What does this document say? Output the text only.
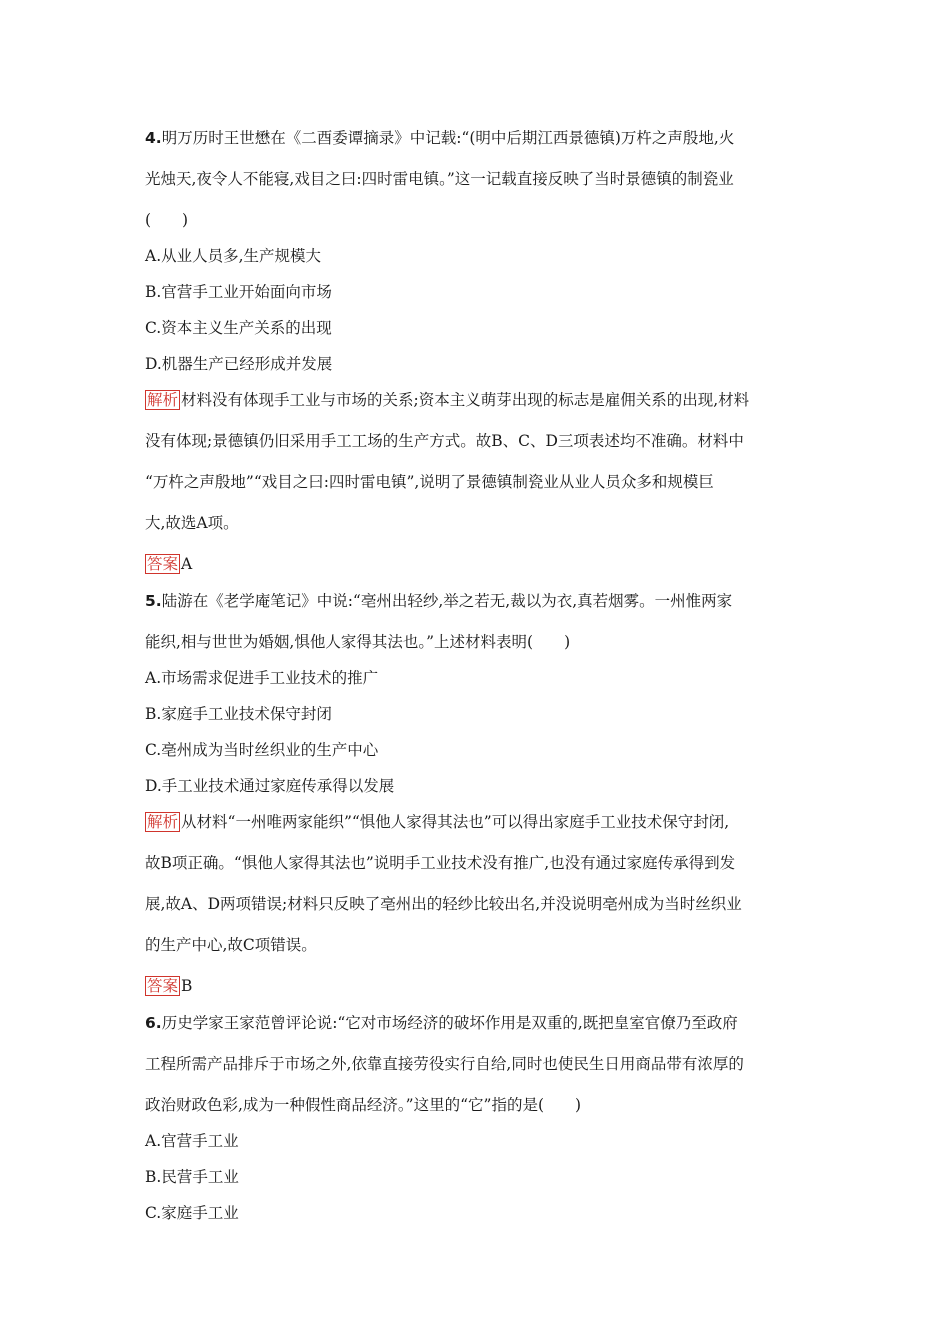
4.明万历时王世懋在《二酉委谭摘录》中记载:“(明中后期江西景德镇)万杵之声殷地,火
光烛天,夜令人不能寝,戏目之曰:四时雷电镇。”这一记载直接反映了当时景德镇的制瓷业
(　　)
A.从业人员多,生产规模大
B.官营手工业开始面向市场
C.资本主义生产关系的出现
D.机器生产已经形成并发展
解析 材料没有体现手工业与市场的关系;资本主义萌芽出现的标志是雇佣关系的出现,材料
没有体现;景德镇仍旧采用手工工场的生产方式。故B、C、D三项表述均不准确。材料中
“万杵之声殷地”“戏目之曰:四时雷电镇”,说明了景德镇制瓷业从业人员众多和规模巨
大,故选A项。
答案 A
5.陆游在《老学庵笔记》中说:“亳州出轻纱,举之若无,裁以为衣,真若烟雾。一州惟两家
能织,相与世世为婚姻,惧他人家得其法也。”上述材料表明(　　)
A.市场需求促进手工业技术的推广
B.家庭手工业技术保守封闭
C.亳州成为当时丝织业的生产中心
D.手工业技术通过家庭传承得以发展
解析 从材料“一州唯两家能织”“惧他人家得其法也”可以得出家庭手工业技术保守封闭,
故B项正确。“惧他人家得其法也”说明手工业技术没有推广,也没有通过家庭传承得到发
展,故A、D两项错误;材料只反映了亳州出的轻纱比较出名,并没说明亳州成为当时丝织业
的生产中心,故C项错误。
答案 B
6.历史学家王家范曾评论说:“它对市场经济的破坏作用是双重的,既把皇室官僚乃至政府
工程所需产品排斥于市场之外,依靠直接劳役实行自给,同时也使民生日用商品带有浓厚的
政治财政色彩,成为一种假性商品经济。”这里的“它”指的是(　　)
A.官营手工业
B.民营手工业
C.家庭手工业
